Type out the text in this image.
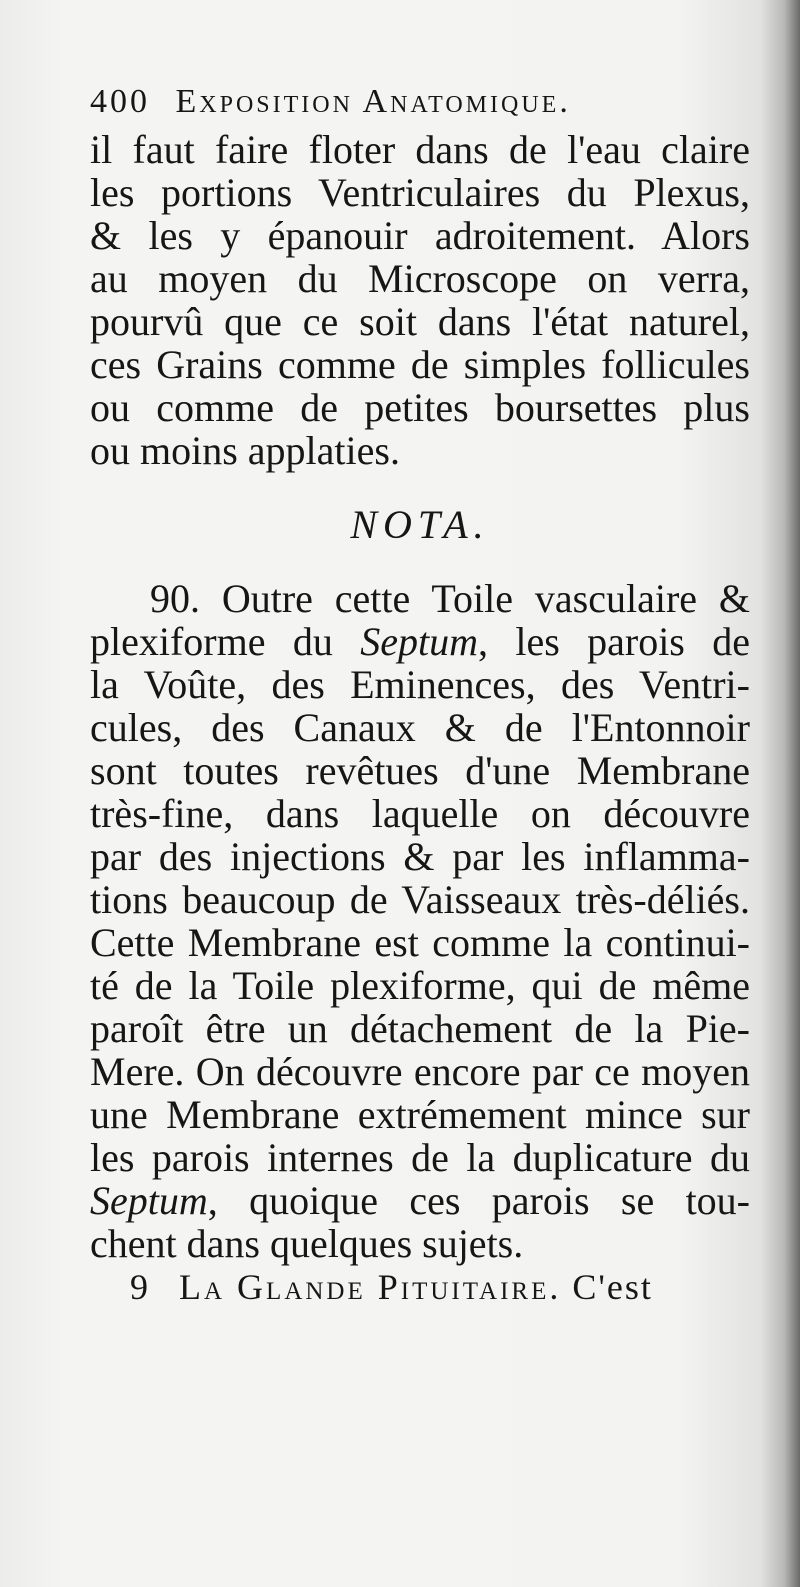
400 Exposition Anatomique.
il faut faire floter dans de l'eau claire
les portions Ventriculaires du Plexus,
& les y épanouir adroitement. Alors
au moyen du Microscope on verra,
pourvû que ce soit dans l'état naturel,
ces Grains comme de simples follicules
ou comme de petites boursettes plus
ou moins applaties.
NOTA.
90. Outre cette Toile vasculaire &
plexiforme du Septum, les parois de
la Voûte, des Eminences, des Ventri-
cules, des Canaux & de l'Entonnoir
sont toutes revêtues d'une Membrane
très-fine, dans laquelle on découvre
par des injections & par les inflamma-
tions beaucoup de Vaisseaux très-déliés.
Cette Membrane est comme la continui-
té de la Toile plexiforme, qui de même
paroît être un détachement de la Pie-
Mere. On découvre encore par ce moyen
une Membrane extrémement mince sur
les parois internes de la duplicature du
Septum, quoique ces parois se tou-
chent dans quelques sujets.
9 La Glande Pituitaire. C'est
